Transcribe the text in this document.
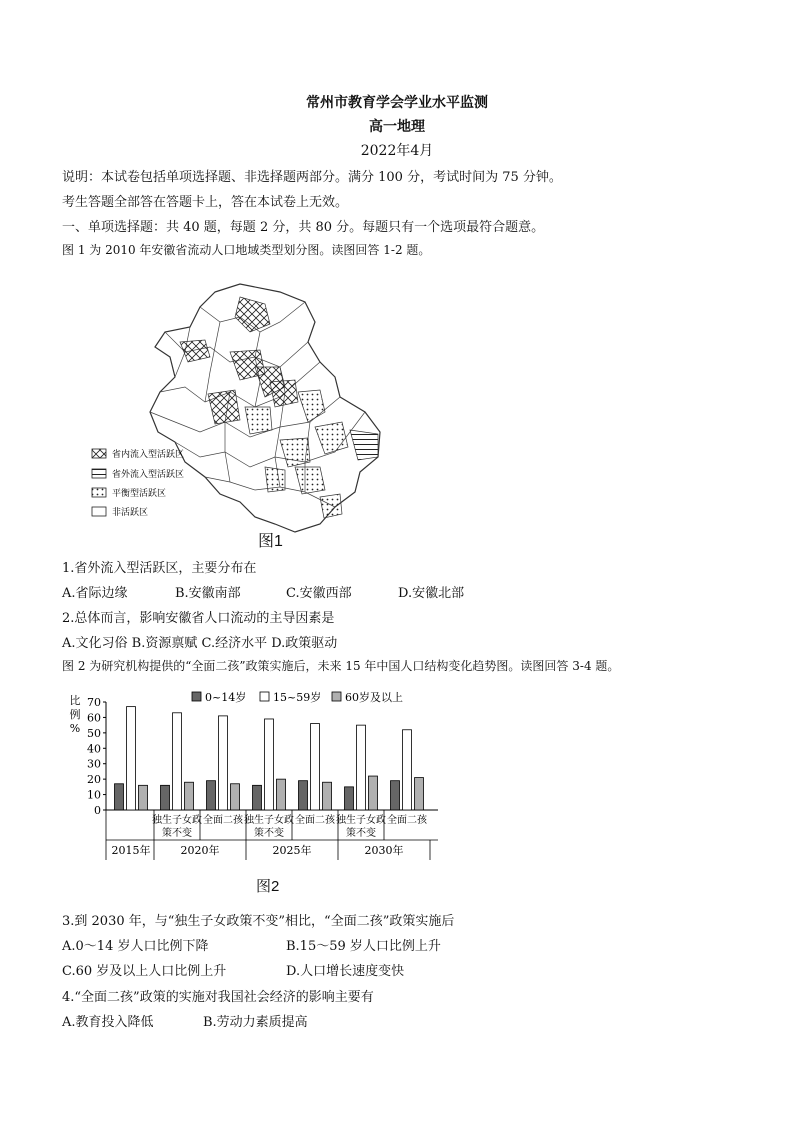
常州市教育学会学业水平监测
高一地理
2022年4月
说明：本试卷包括单项选择题、非选择题两部分。满分 100 分，考试时间为 75 分钟。
考生答题全部答在答题卡上，答在本试卷上无效。
一、单项选择题：共 40 题，每题 2 分，共 80 分。每题只有一个选项最符合题意。
图 1 为 2010 年安徽省流动人口地域类型划分图。读图回答 1-2 题。
省内流入型活跃区
省外流入型活跃区
平衡型活跃区
非活跃区
图1
1.省外流入型活跃区，主要分布在
A.省际边缘	B.安徽南部	C.安徽西部	D.安徽北部
2.总体而言，影响安徽省人口流动的主导因素是
A.文化习俗 B.资源禀赋 C.经济水平 D.政策驱动
图 2 为研究机构提供的“全面二孩”政策实施后，未来 15 年中国人口结构变化趋势图。读图回答 3-4 题。
比
例
%
0
10
20
30
40
50
60
70
独生子女政
策不变
全面二孩 独生子女政
策不变
全面二孩 独生子女政
策不变
全面二孩
2015年	2020年	2025年	2030年
0~14岁 15~59岁 60岁及以上
图2
3.到 2030 年，与“独生子女政策不变”相比，“全面二孩”政策实施后
A.0～14 岁人口比例下降	B.15～59 岁人口比例上升
C.60 岁及以上人口比例上升	D.人口增长速度变快
4.“全面二孩”政策的实施对我国社会经济的影响主要有
A.教育投入降低	B.劳动力素质提高
